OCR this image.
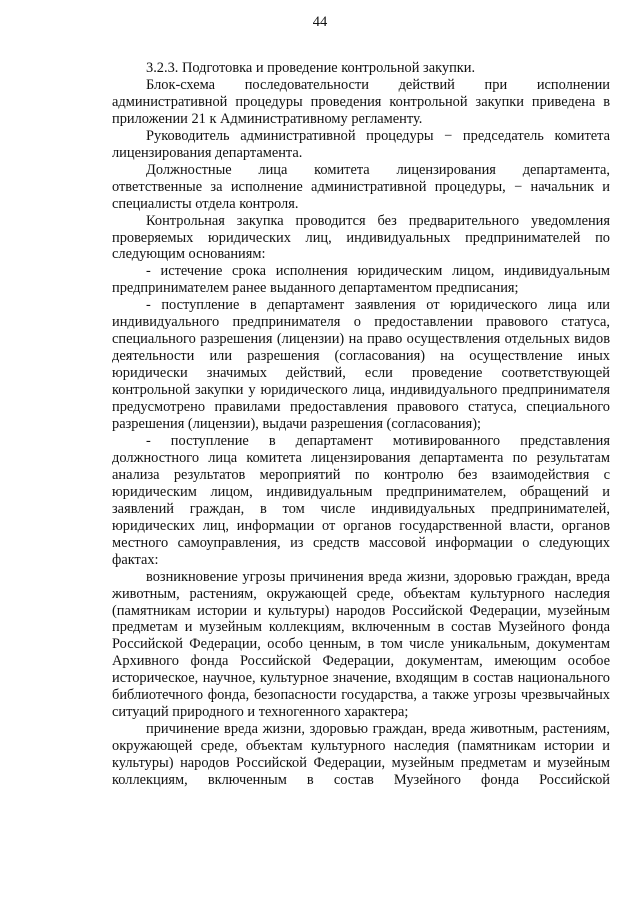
44

3.2.3. Подготовка и проведение контрольной закупки.

Блок-схема последовательности действий при исполнении административной процедуры проведения контрольной закупки приведена в приложении 21 к Административному регламенту.

Руководитель административной процедуры − председатель комитета лицензирования департамента.

Должностные лица комитета лицензирования департамента, ответственные за исполнение административной процедуры, − начальник и специалисты отдела контроля.

Контрольная закупка проводится без предварительного уведомления проверяемых юридических лиц, индивидуальных предпринимателей по следующим основаниям:

- истечение срока исполнения юридическим лицом, индивидуальным предпринимателем ранее выданного департаментом предписания;

- поступление в департамент заявления от юридического лица или индивидуального предпринимателя о предоставлении правового статуса, специального разрешения (лицензии) на право осуществления отдельных видов деятельности или разрешения (согласования) на осуществление иных юридически значимых действий, если проведение соответствующей контрольной закупки у юридического лица, индивидуального предпринимателя предусмотрено правилами предоставления правового статуса, специального разрешения (лицензии), выдачи разрешения (согласования);

- поступление в департамент мотивированного представления должностного лица комитета лицензирования департамента по результатам анализа результатов мероприятий по контролю без взаимодействия с юридическим лицом, индивидуальным предпринимателем, обращений и заявлений граждан, в том числе индивидуальных предпринимателей, юридических лиц, информации от органов государственной власти, органов местного самоуправления, из средств массовой информации о следующих фактах:

возникновение угрозы причинения вреда жизни, здоровью граждан, вреда животным, растениям, окружающей среде, объектам культурного наследия (памятникам истории и культуры) народов Российской Федерации, музейным предметам и музейным коллекциям, включенным в состав Музейного фонда Российской Федерации, особо ценным, в том числе уникальным, документам Архивного фонда Российской Федерации, документам, имеющим особое историческое, научное, культурное значение, входящим в состав национального библиотечного фонда, безопасности государства, а также угрозы чрезвычайных ситуаций природного и техногенного характера;

причинение вреда жизни, здоровью граждан, вреда животным, растениям, окружающей среде, объектам культурного наследия (памятникам истории и культуры) народов Российской Федерации, музейным предметам и музейным коллекциям, включенным в состав Музейного фонда Российской
